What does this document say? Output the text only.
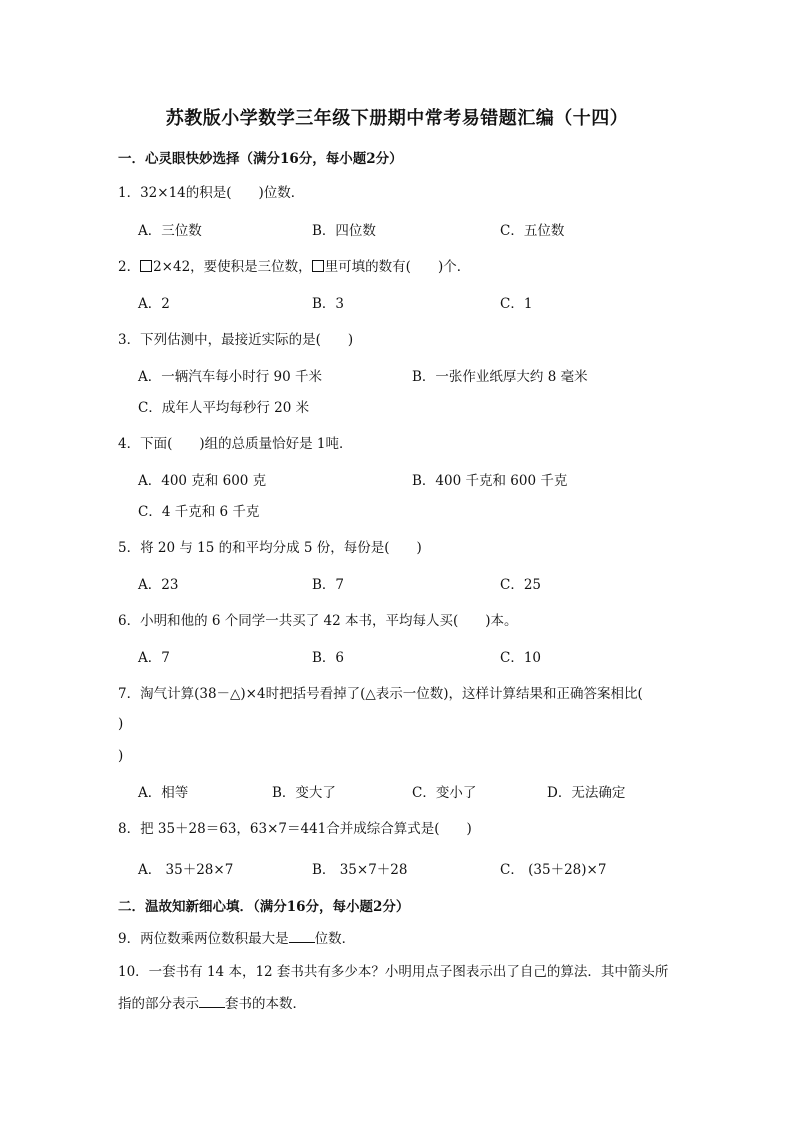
苏教版小学数学三年级下册期中常考易错题汇编（十四）
一．心灵眼快妙选择（满分16分，每小题2分）
1．32×14的积是(　　)位数．
A．三位数	B．四位数	C．五位数
2． 2×42，要使积是三位数， 里可填的数有(　　)个．
A．2	B．3	C．1
3．下列估测中，最接近实际的是(　　)
A．一辆汽车每小时行 90 千米	B．一张作业纸厚大约 8 毫米
C．成年人平均每秒行 20 米
4．下面(　　)组的总质量恰好是 1吨．
A．400 克和 600 克	B．400 千克和 600 千克
C．4 千克和 6 千克
5．将 20 与 15 的和平均分成 5 份，每份是(　　)
A．23	B．7	C．25
6．小明和他的 6 个同学一共买了 42 本书，平均每人买(　　)本。
A．7	B．6	C．10
7．淘气计算(38－△)×4时把括号看掉了(△表示一位数)，这样计算结果和正确答案相比(
)
)
A．相等	B．变大了	C．变小了	D．无法确定
8．把 35＋28＝63，63×7＝441合并成综合算式是(　　)
A． 35＋28×7	B． 35×7＋28	C． (35＋28)×7
二．温故知新细心填．（满分16分，每小题2分）
9．两位数乘两位数积最大是 位数．
10．一套书有 14 本，12 套书共有多少本？小明用点子图表示出了自己的算法．其中箭头所
指的部分表示 套书的本数．
